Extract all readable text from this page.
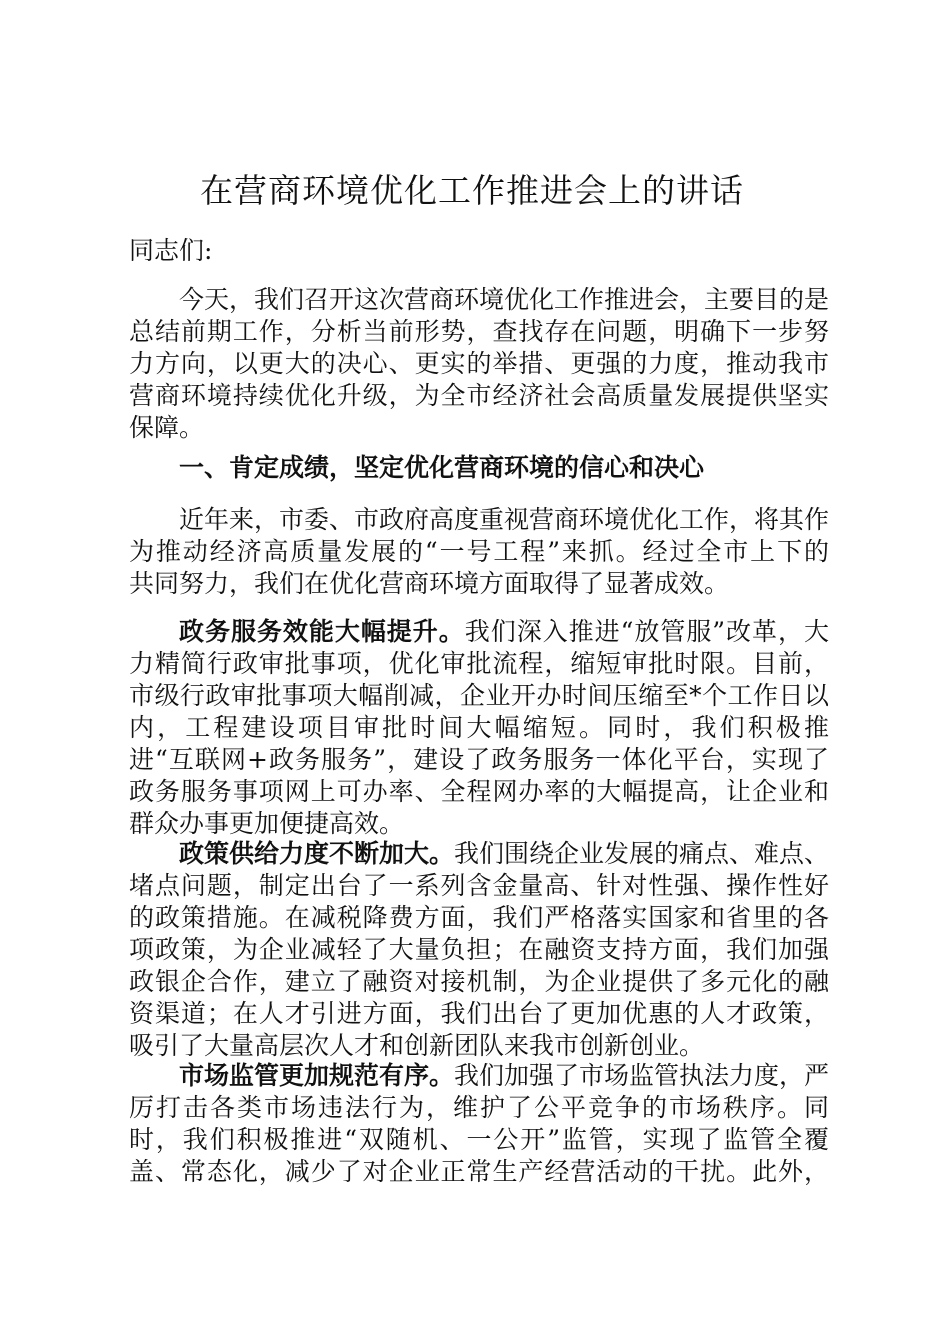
在营商环境优化工作推进会上的讲话

同志们:

今天，我们召开这次营商环境优化工作推进会，主要目的是
总结前期工作，分析当前形势，查找存在问题，明确下一步努
力方向，以更大的决心、更实的举措、更强的力度，推动我市
营商环境持续优化升级，为全市经济社会高质量发展提供坚实
保障。
一、肯定成绩，坚定优化营商环境的信心和决心
近年来，市委、市政府高度重视营商环境优化工作，将其作
为推动经济高质量发展的“一号工程”来抓。经过全市上下的
共同努力，我们在优化营商环境方面取得了显著成效。
政务服务效能大幅提升。我们深入推进“放管服”改革，大
力精简行政审批事项，优化审批流程，缩短审批时限。目前，
市级行政审批事项大幅削减，企业开办时间压缩至*个工作日以
内，工程建设项目审批时间大幅缩短。同时，我们积极推
进“互联网+政务服务”，建设了政务服务一体化平台，实现了
政务服务事项网上可办率、全程网办率的大幅提高，让企业和
群众办事更加便捷高效。
政策供给力度不断加大。我们围绕企业发展的痛点、难点、
堵点问题，制定出台了一系列含金量高、针对性强、操作性好
的政策措施。在减税降费方面，我们严格落实国家和省里的各
项政策，为企业减轻了大量负担；在融资支持方面，我们加强
政银企合作，建立了融资对接机制，为企业提供了多元化的融
资渠道；在人才引进方面，我们出台了更加优惠的人才政策，
吸引了大量高层次人才和创新团队来我市创新创业。
市场监管更加规范有序。我们加强了市场监管执法力度，严
厉打击各类市场违法行为，维护了公平竞争的市场秩序。同
时，我们积极推进“双随机、一公开”监管，实现了监管全覆
盖、常态化，减少了对企业正常生产经营活动的干扰。此外，
